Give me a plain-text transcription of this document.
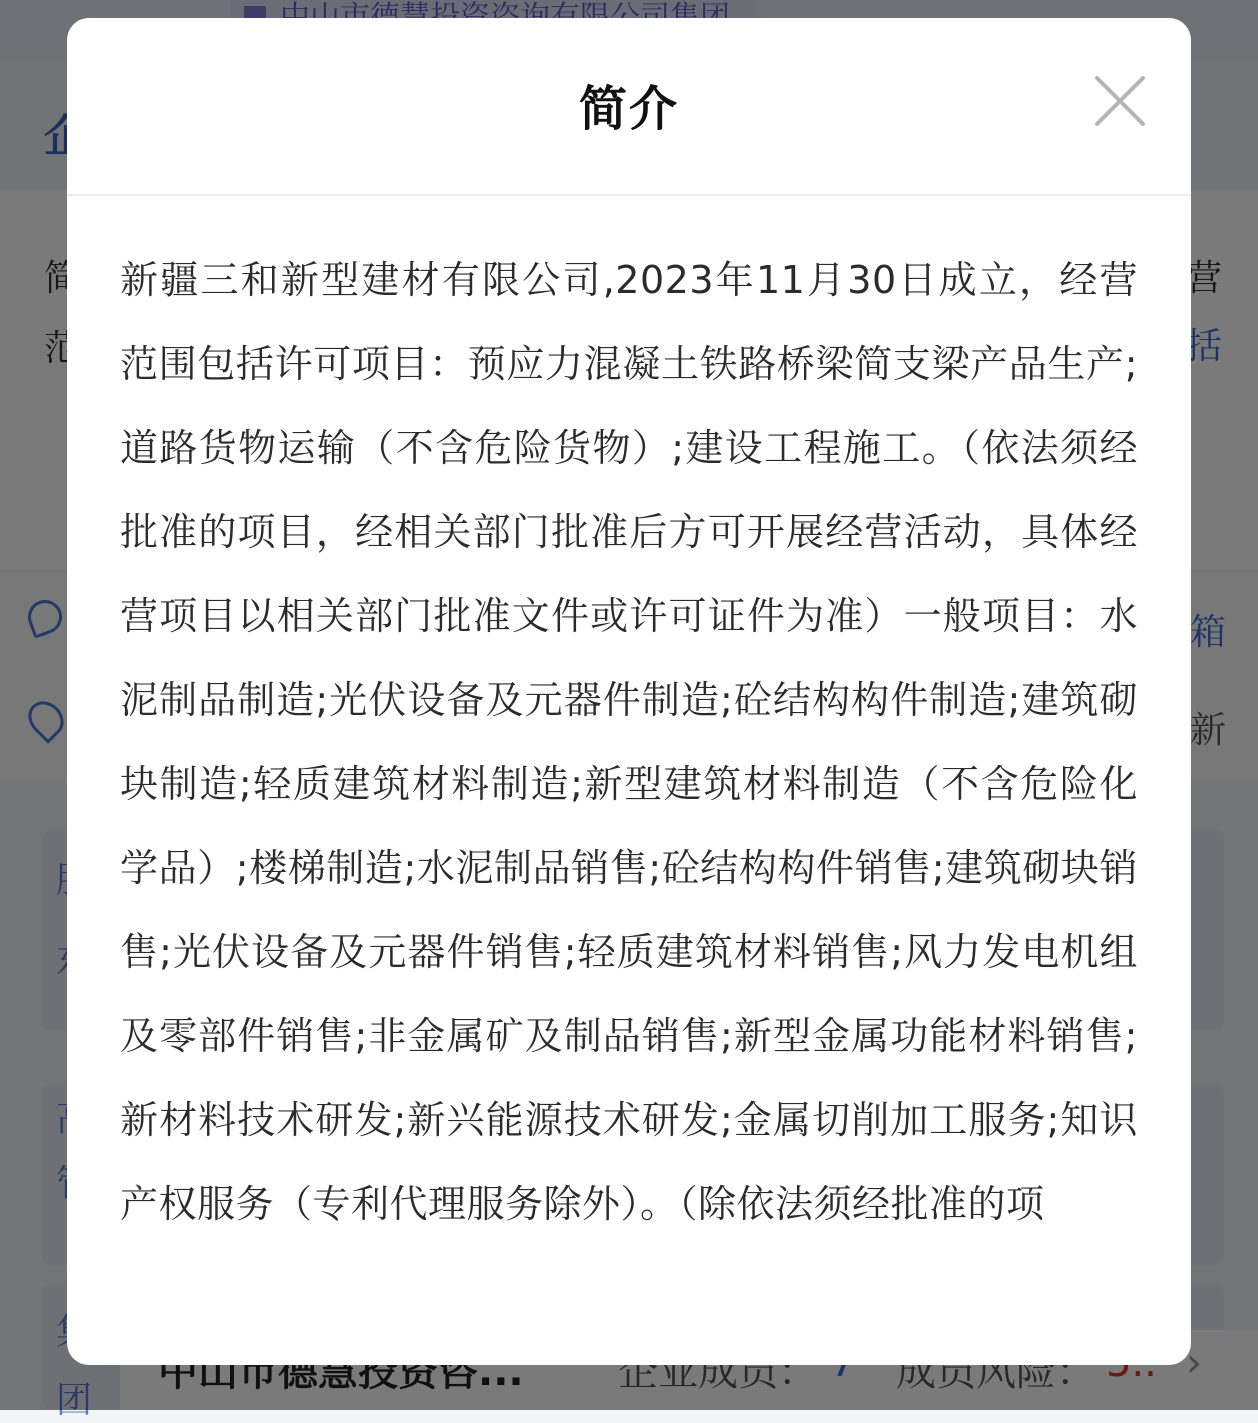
简介

新疆三和新型建材有限公司,2023年11月30日成立，经营范围包括许可项目：预应力混凝土铁路桥梁简支梁产品生产;道路货物运输（不含危险货物）;建设工程施工。（依法须经批准的项目，经相关部门批准后方可开展经营活动，具体经营项目以相关部门批准文件或许可证件为准）一般项目：水泥制品制造;光伏设备及元器件制造;砼结构构件制造;建筑砌块制造;轻质建筑材料制造;新型建筑材料制造（不含危险化学品）;楼梯制造;水泥制品销售;砼结构构件销售;建筑砌块销售;光伏设备及元器件销售;轻质建筑材料销售;风力发电机组及零部件销售;非金属矿及制品销售;新型金属功能材料销售;新材料技术研发;新兴能源技术研发;金属切削加工服务;知识产权服务（专利代理服务除外）。（除依法须经批准的项
